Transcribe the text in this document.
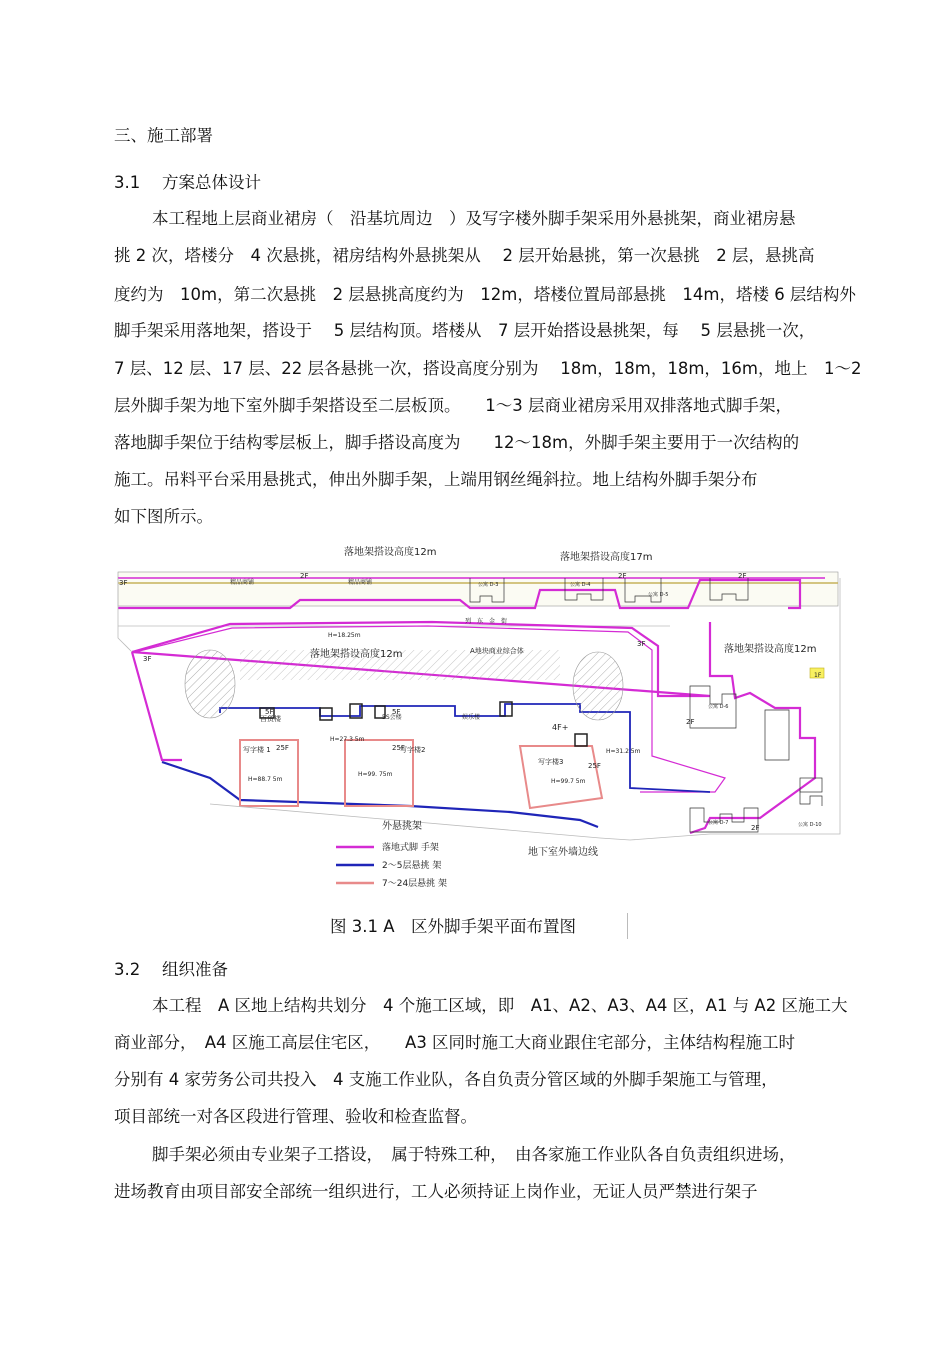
三、施工部署
3.1　 方案总体设计
本工程地上层商业裙房（　沿基坑周边　）及写字楼外脚手架采用外悬挑架，商业裙房悬
挑 2 次，塔楼分　4 次悬挑，裙房结构外悬挑架从　 2 层开始悬挑，第一次悬挑　2 层，悬挑高
度约为　10m，第二次悬挑　2 层悬挑高度约为　12m，塔楼位置局部悬挑　14m，塔楼 6 层结构外
脚手架采用落地架，搭设于　 5 层结构顶。塔楼从　7 层开始搭设悬挑架，每　 5 层悬挑一次，
7 层、12 层、17 层、22 层各悬挑一次，搭设高度分别为　 18m，18m，18m，16m，地上　1～2
层外脚手架为地下室外脚手架搭设至二层板顶。　　1～3 层商业裙房采用双排落地式脚手架，
落地脚手架位于结构零层板上，脚手搭设高度为　　12～18m，外脚手架主要用于一次结构的
施工。吊料平台采用悬挑式，伸出外脚手架，上端用钢丝绳斜拉。地上结构外脚手架分布
如下图所示。
落地架搭设高度12m	落地架搭设高度17m
落地架搭设高度12m
落地架搭设高度12m	A地块商业综合体
列　东　金　街
精品商铺	精品商铺
百货楼	5S会楼	娱乐楼
写字楼 1	写字楼2
写字楼3
H=18.25m
H=88.7 5m
H=99. 75m
H=99.7 5m
H=27.3 5m
H=31.2 5m
3F
3F
3F
2F	2F	2F
2F
2F
5F	5F
25F	25F
25F
4F+
1F
公寓 D-3	公寓 D-4
公寓 D-5
公寓 D-6
公寓 D-7	公寓 D-10
外悬挑架
地下室外墙边线
落地式脚 手架
2～5层悬挑 架
7～24层悬挑 架
图 3.1 A　区外脚手架平面布置图
3.2　 组织准备
本工程　A 区地上结构共划分　4 个施工区域，即　A1、A2、A3、A4 区，A1 与 A2 区施工大
商业部分，　A4 区施工高层住宅区，　　A3 区同时施工大商业跟住宅部分，主体结构程施工时
分别有 4 家劳务公司共投入　4 支施工作业队，各自负责分管区域的外脚手架施工与管理，
项目部统一对各区段进行管理、验收和检查监督。
脚手架必须由专业架子工搭设，　属于特殊工种，　由各家施工作业队各自负责组织进场，
进场教育由项目部安全部统一组织进行，工人必须持证上岗作业，无证人员严禁进行架子
